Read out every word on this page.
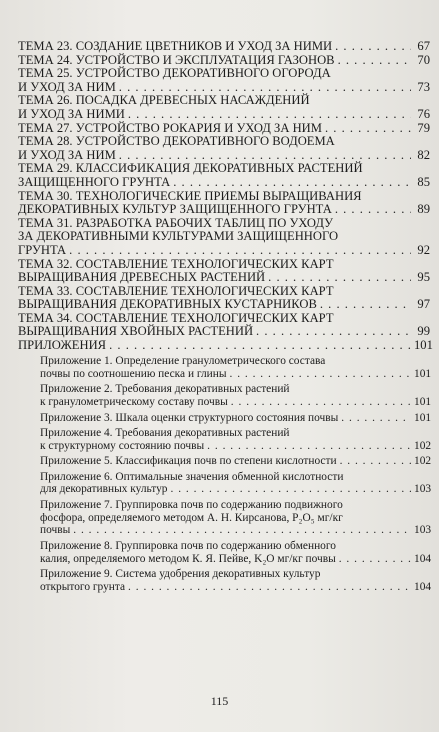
ТЕМА 23. СОЗДАНИЕ ЦВЕТНИКОВ И УХОД ЗА НИМИ . . .	67
ТЕМА 24. УСТРОЙСТВО И ЭКСПЛУАТАЦИЯ ГАЗОНОВ . . .	70
ТЕМА 25. УСТРОЙСТВО ДЕКОРАТИВНОГО ОГОРОДА
И УХОД ЗА НИМ . . .	73
ТЕМА 26. ПОСАДКА ДРЕВЕСНЫХ НАСАЖДЕНИЙ
И УХОД ЗА НИМИ . . .	76
ТЕМА 27. УСТРОЙСТВО РОКАРИЯ И УХОД ЗА НИМ . . .	79
ТЕМА 28. УСТРОЙСТВО ДЕКОРАТИВНОГО ВОДОЕМА
И УХОД ЗА НИМ . . .	82
ТЕМА 29. КЛАССИФИКАЦИЯ ДЕКОРАТИВНЫХ РАСТЕНИЙ
ЗАЩИЩЕННОГО ГРУНТА . . .	85
ТЕМА 30. ТЕХНОЛОГИЧЕСКИЕ ПРИЕМЫ ВЫРАЩИВАНИЯ
ДЕКОРАТИВНЫХ КУЛЬТУР ЗАЩИЩЕННОГО ГРУНТА . . .	89
ТЕМА 31. РАЗРАБОТКА РАБОЧИХ ТАБЛИЦ ПО УХОДУ
ЗА ДЕКОРАТИВНЫМИ КУЛЬТУРАМИ ЗАЩИЩЕННОГО
ГРУНТА . . .	92
ТЕМА 32. СОСТАВЛЕНИЕ ТЕХНОЛОГИЧЕСКИХ КАРТ
ВЫРАЩИВАНИЯ ДРЕВЕСНЫХ РАСТЕНИЙ . . .	95
ТЕМА 33. СОСТАВЛЕНИЕ ТЕХНОЛОГИЧЕСКИХ КАРТ
ВЫРАЩИВАНИЯ ДЕКОРАТИВНЫХ КУСТАРНИКОВ . . .	97
ТЕМА 34. СОСТАВЛЕНИЕ ТЕХНОЛОГИЧЕСКИХ КАРТ
ВЫРАЩИВАНИЯ ХВОЙНЫХ РАСТЕНИЙ . . .	99
ПРИЛОЖЕНИЯ . . .	101
Приложение 1. Определение гранулометрического состава
почвы по соотношению песка и глины . . .	101
Приложение 2. Требования декоративных растений
к гранулометрическому составу почвы . . .	101
Приложение 3. Шкала оценки структурного состояния почвы . . .	101
Приложение 4. Требования декоративных растений
к структурному состоянию почвы . . .	102
Приложение 5. Классификация почв по степени кислотности . . .	102
Приложение 6. Оптимальные значения обменной кислотности
для декоративных культур . . .	103
Приложение 7. Группировка почв по содержанию подвижного
фосфора, определяемого методом А. Н. Кирсанова, P₂O₅ мг/кг
почвы . . .	103
Приложение 8. Группировка почв по содержанию обменного
калия, определяемого методом К. Я. Пейве, K₂O мг/кг почвы . . .	104
Приложение 9. Система удобрения декоративных культур
открытого грунта . . .	104
115
